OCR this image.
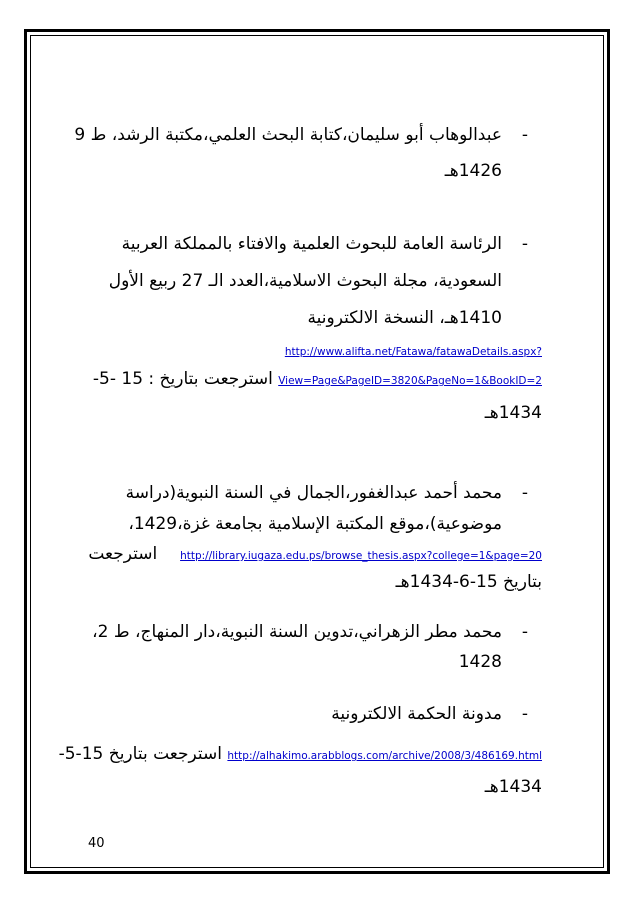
-
عبدالوهاب أبو سليمان،كتابة البحث العلمي،مكتبة الرشد، ط 9
1426هـ
-
الرئاسة العامة للبحوث العلمية والافتاء بالمملكة العربية
السعودية، مجلة البحوث الاسلامية،العدد الـ 27 ربيع الأول
1410هـ، النسخة الالكترونية
http://www.alifta.net/Fatawa/fatawaDetails.aspx?
View=Page&PageID=3820&PageNo=1&BookID=2 استرجعت بتاريخ : 15 -5-
1434هـ
-
محمد أحمد عبدالغفور،الجمال في السنة النبوية(دراسة
موضوعية)،موقع المكتبة الإسلامية بجامعة غزة،1429،
http://library.iugaza.edu.ps/browse_thesis.aspx?college=1&page=20  استرجعت
بتاريخ 15-6-1434هـ
-
محمد مطر الزهراني،تدوين السنة النبوية،دار المنهاج، ط 2،
1428
-
مدونة الحكمة الالكترونية
http://alhakimo.arabblogs.com/archive/2008/3/486169.html استرجعت بتاريخ 15-5-
1434هـ
40
